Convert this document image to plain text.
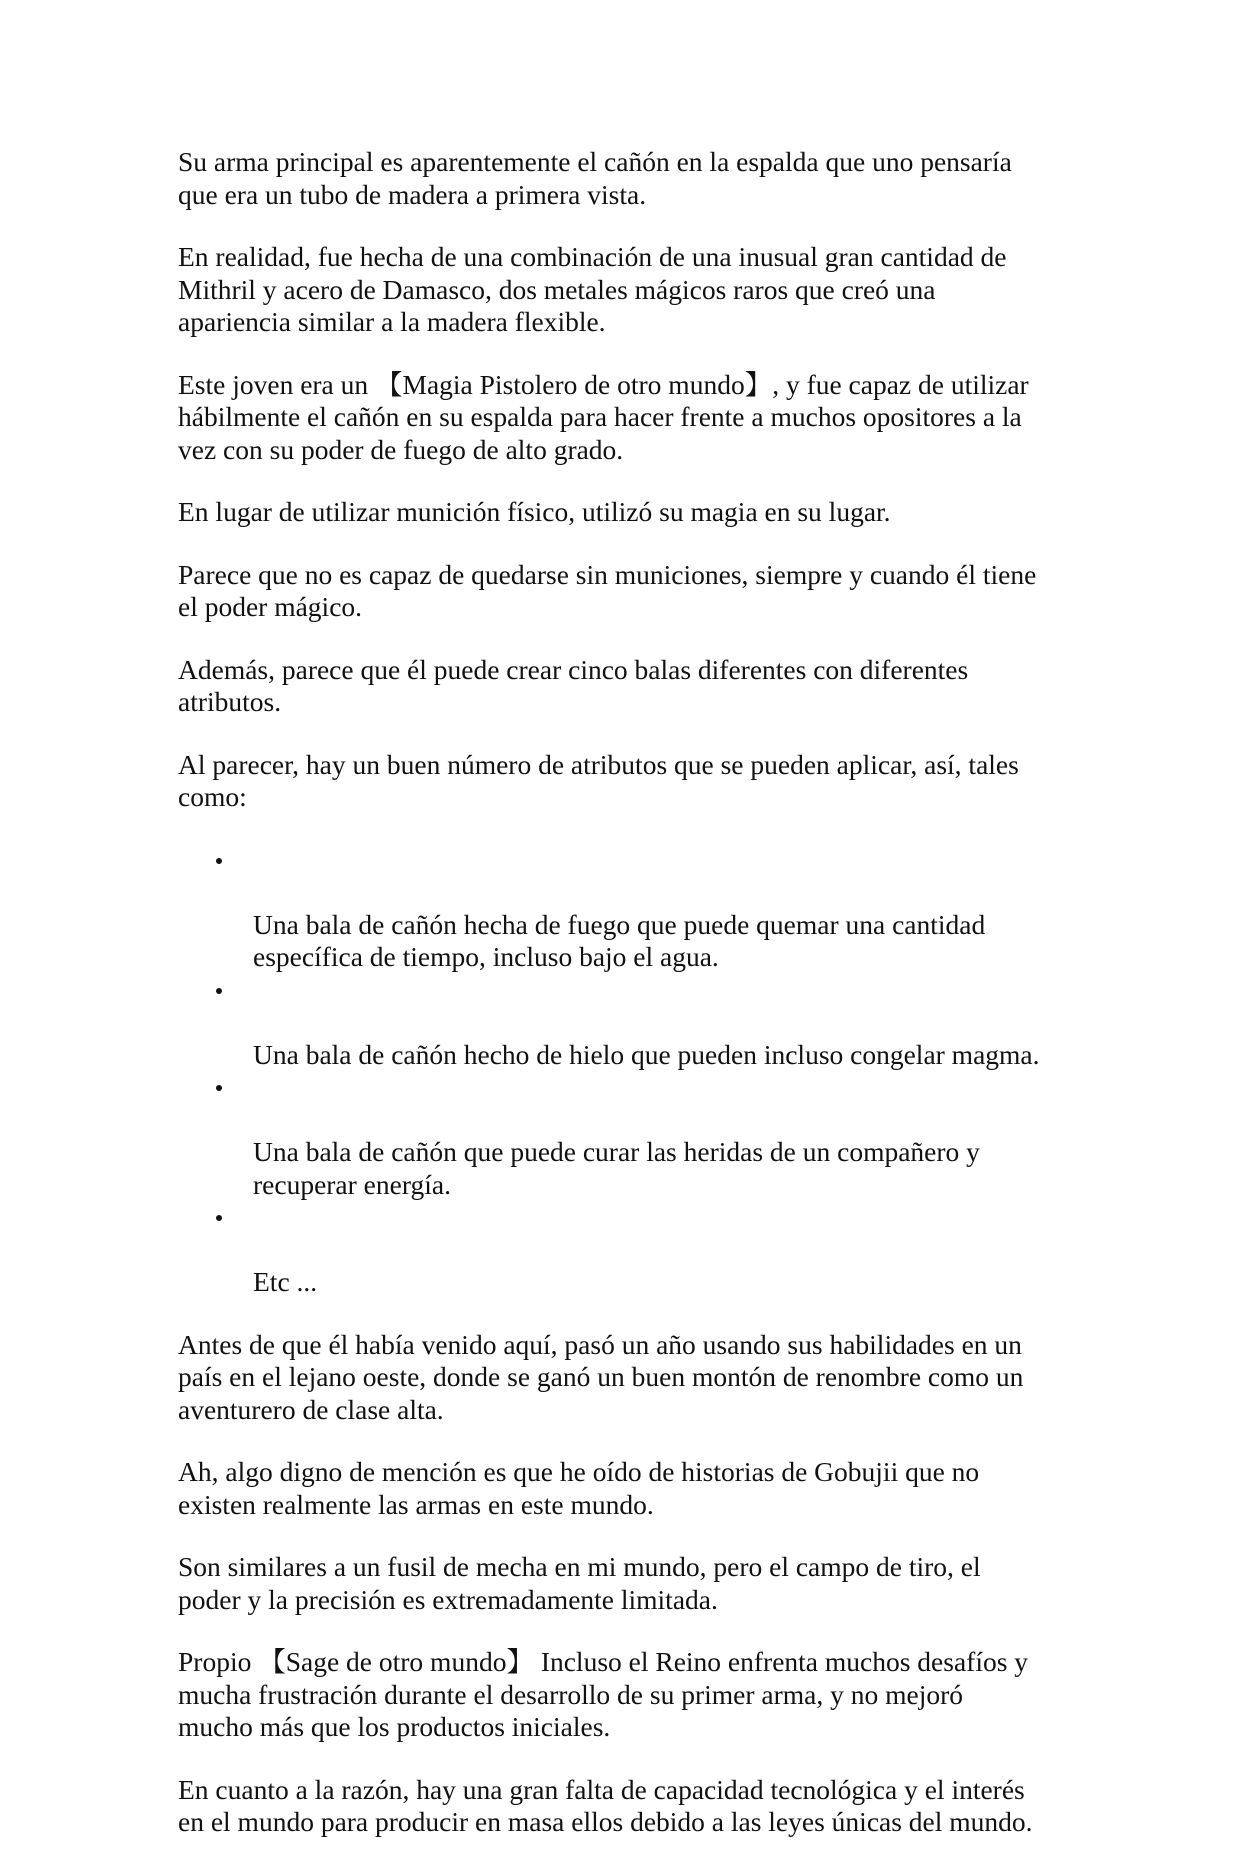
Su arma principal es aparentemente el cañón en la espalda que uno pensaría
que era un tubo de madera a primera vista.

En realidad, fue hecha de una combinación de una inusual gran cantidad de
Mithril y acero de Damasco, dos metales mágicos raros que creó una
apariencia similar a la madera flexible.

Este joven era un 【Magia Pistolero de otro mundo】, y fue capaz de utilizar
hábilmente el cañón en su espalda para hacer frente a muchos opositores a la
vez con su poder de fuego de alto grado.

En lugar de utilizar munición físico, utilizó su magia en su lugar.

Parece que no es capaz de quedarse sin municiones, siempre y cuando él tiene
el poder mágico.

Además, parece que él puede crear cinco balas diferentes con diferentes
atributos.

Al parecer, hay un buen número de atributos que se pueden aplicar, así, tales
como:

Una bala de cañón hecha de fuego que puede quemar una cantidad
específica de tiempo, incluso bajo el agua.

Una bala de cañón hecho de hielo que pueden incluso congelar magma.

Una bala de cañón que puede curar las heridas de un compañero y
recuperar energía.

Etc ...

Antes de que él había venido aquí, pasó un año usando sus habilidades en un
país en el lejano oeste, donde se ganó un buen montón de renombre como un
aventurero de clase alta.

Ah, algo digno de mención es que he oído de historias de Gobujii que no
existen realmente las armas en este mundo.

Son similares a un fusil de mecha en mi mundo, pero el campo de tiro, el
poder y la precisión es extremadamente limitada.

Propio 【Sage de otro mundo】 Incluso el Reino enfrenta muchos desafíos y
mucha frustración durante el desarrollo de su primer arma, y no mejoró
mucho más que los productos iniciales.

En cuanto a la razón, hay una gran falta de capacidad tecnológica y el interés
en el mundo para producir en masa ellos debido a las leyes únicas del mundo.
